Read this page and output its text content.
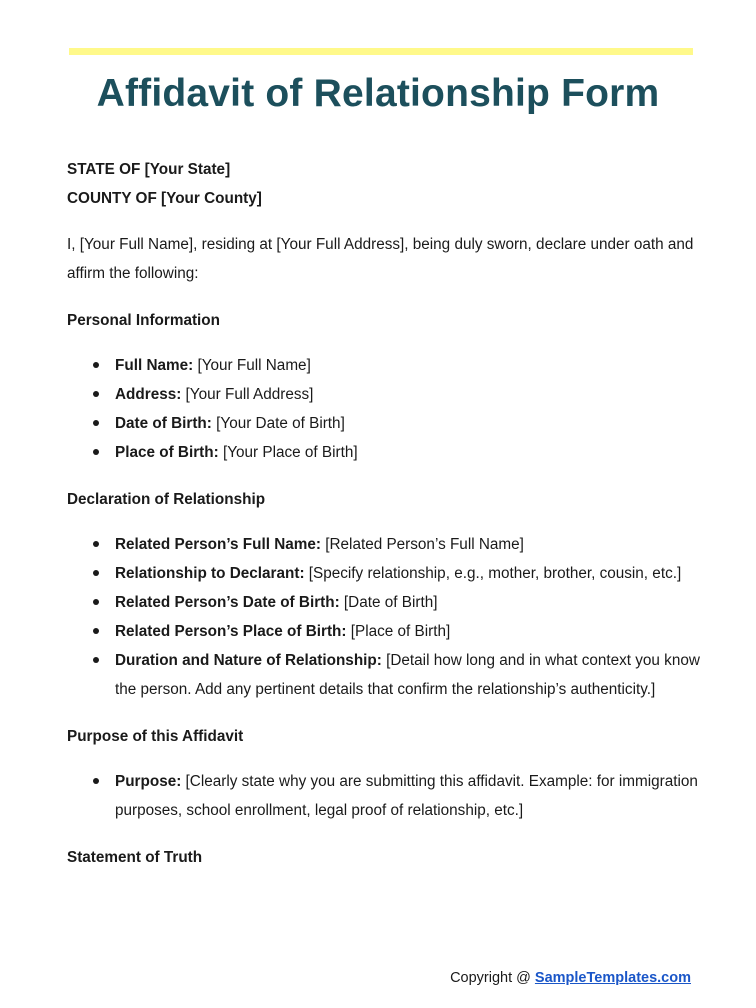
Affidavit of Relationship Form

STATE OF [Your State]

COUNTY OF [Your County]

I, [Your Full Name], residing at [Your Full Address], being duly sworn, declare under oath and affirm the following:

Personal Information

Full Name: [Your Full Name]
Address: [Your Full Address]
Date of Birth: [Your Date of Birth]
Place of Birth: [Your Place of Birth]

Declaration of Relationship

Related Person’s Full Name: [Related Person’s Full Name]
Relationship to Declarant: [Specify relationship, e.g., mother, brother, cousin, etc.]
Related Person’s Date of Birth: [Date of Birth]
Related Person’s Place of Birth: [Place of Birth]
Duration and Nature of Relationship: [Detail how long and in what context you know the person. Add any pertinent details that confirm the relationship’s authenticity.]

Purpose of this Affidavit

Purpose: [Clearly state why you are submitting this affidavit. Example: for immigration purposes, school enrollment, legal proof of relationship, etc.]

Statement of Truth

Copyright @ SampleTemplates.com
